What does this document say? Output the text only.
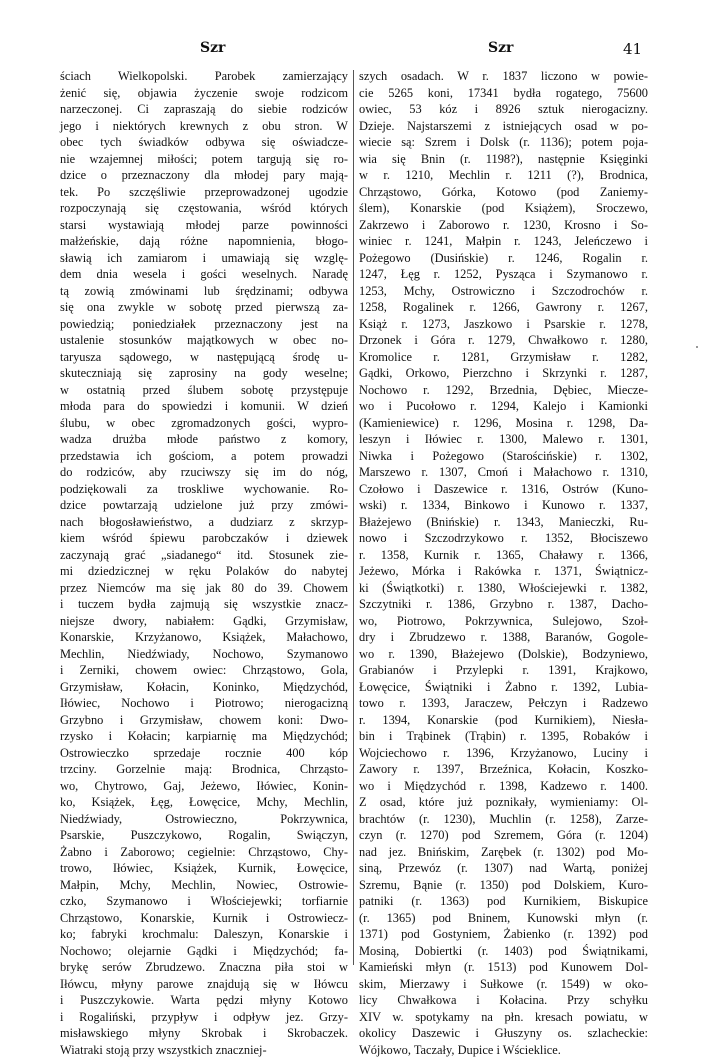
Szr	Szr	41
ściach Wielkopolski. Parobek zamierzający
żenić się, objawia życzenie swoje rodzicom
narzeczonej. Ci zapraszają do siebie rodziców
jego i niektórych krewnych z obu stron. W
obec tych świadków odbywa się oświadcze-
nie wzajemnej miłości; potem targują się ro-
dzice o przeznaczony dla młodej pary mają-
tek. Po szczęśliwie przeprowadzonej ugodzie
rozpoczynają się częstowania, wśród których
starsi wystawiają młodej parze powinności
małżeńskie, dają różne napomnienia, błogo-
sławią ich zamiarom i umawiają się wzglę-
dem dnia wesela i gości weselnych. Naradę
tą zowią zmówinami lub śrędzinami; odbywa
się ona zwykle w sobotę przed pierwszą za-
powiedzią; poniedziałek przeznaczony jest na
ustalenie stosunków majątkowych w obec no-
taryusza sądowego, w następującą środę u-
skuteczniają się zaprosiny na gody weselne;
w ostatnią przed ślubem sobotę przystępuje
młoda para do spowiedzi i komunii. W dzień
ślubu, w obec zgromadzonych gości, wypro-
wadza drużba młode państwo z komory,
przedstawia ich gościom, a potem prowadzi
do rodziców, aby rzuciwszy się im do nóg,
podziękowali za troskliwe wychowanie. Ro-
dzice powtarzają udzielone już przy zmówi-
nach błogosławieństwo, a dudziarz z skrzyp-
kiem wśród śpiewu parobczaków i dziewek
zaczynają grać „siadanego“ itd. Stosunek zie-
mi dziedzicznej w ręku Polaków do nabytej
przez Niemców ma się jak 80 do 39. Chowem
i tuczem bydła zajmują się wszystkie znacz-
niejsze dwory, nabiałem: Gądki, Grzymisław,
Konarskie, Krzyżanowo, Książek, Małachowo,
Mechlin, Niedźwiady, Nochowo, Szymanowo
i Zerniki, chowem owiec: Chrząstowo, Gola,
Grzymisław, Kołacin, Koninko, Międzychód,
Iłówiec, Nochowo i Piotrowo; nierogacizną
Grzybno i Grzymisław, chowem koni: Dwo-
rzysko i Kołacin; karpiarnię ma Międzychód;
Ostrowieczko sprzedaje rocznie 400 kóp
trzciny. Gorzelnie mają: Brodnica, Chrząsto-
wo, Chytrowo, Gaj, Jeżewo, Iłówiec, Konin-
ko, Książek, Łęg, Łowęcice, Mchy, Mechlin,
Niedźwiady, Ostrowieczno, Pokrzywnica,
Psarskie, Puszczykowo, Rogalin, Swiączyn,
Żabno i Zaborowo; cegielnie: Chrząstowo, Chy-
trowo, Iłówiec, Książek, Kurnik, Łowęcice,
Małpin, Mchy, Mechlin, Nowiec, Ostrowie-
czko, Szymanowo i Włościejewki; torfiarnie
Chrząstowo, Konarskie, Kurnik i Ostrowiecz-
ko; fabryki krochmalu: Daleszyn, Konarskie i
Nochowo; olejarnie Gądki i Międzychód; fa-
brykę serów Zbrudzewo. Znaczna piła stoi w
Iłówcu, młyny parowe znajdują się w Iłówcu
i Puszczykowie. Warta pędzi młyny Kotowo
i Rogaliński, przypływ i odpływ jez. Grzy-
misławskiego młyny Skrobak i Skrobaczek.
Wiatraki stoją przy wszystkich znaczniej-
szych osadach. W r. 1837 liczono w powie-
cie 5265 koni, 17341 bydła rogatego, 75600
owiec, 53 kóz i 8926 sztuk nierogacizny.
Dzieje. Najstarszemi z istniejących osad w po-
wiecie są: Szrem i Dolsk (r. 1136); potem poja-
wia się Bnin (r. 1198?), następnie Księginki
w r. 1210, Mechlin r. 1211 (?), Brodnica,
Chrząstowo, Górka, Kotowo (pod Zaniemy-
ślem), Konarskie (pod Książem), Sroczewo,
Zakrzewo i Zaborowo r. 1230, Krosno i So-
winiec r. 1241, Małpin r. 1243, Jeleńczewo i
Pożegowo (Dusińskie) r. 1246, Rogalin r.
1247, Łęg r. 1252, Pysząca i Szymanowo r.
1253, Mchy, Ostrowiczno i Szczodrochów r.
1258, Rogalinek r. 1266, Gawrony r. 1267,
Książ r. 1273, Jaszkowo i Psarskie r. 1278,
Drzonek i Góra r. 1279, Chwałkowo r. 1280,
Kromolice r. 1281, Grzymisław r. 1282,
Gądki, Orkowo, Pierzchno i Skrzynki r. 1287,
Nochowo r. 1292, Brzednia, Dębiec, Miecze-
wo i Pucołowo r. 1294, Kalejo i Kamionki
(Kamieniewice) r. 1296, Mosina r. 1298, Da-
leszyn i Iłówiec r. 1300, Malewo r. 1301,
Niwka i Pożegowo (Starościńskie) r. 1302,
Marszewo r. 1307, Cmoń i Małachowo r. 1310,
Czołowo i Daszewice r. 1316, Ostrów (Kuno-
wski) r. 1334, Binkowo i Kunowo r. 1337,
Błażejewo (Bnińskie) r. 1343, Manieczki, Ru-
nowo i Szczodrzykowo r. 1352, Błociszewo
r. 1358, Kurnik r. 1365, Chaławy r. 1366,
Jeżewo, Mórka i Rakówka r. 1371, Świątnicz-
ki (Świątkotki) r. 1380, Włościejewki r. 1382,
Szczytniki r. 1386, Grzybno r. 1387, Dacho-
wo, Piotrowo, Pokrzywnica, Sulejowo, Szoł-
dry i Zbrudzewo r. 1388, Baranów, Gogole-
wo r. 1390, Błażejewo (Dolskie), Bodzyniewo,
Grabianów i Przylepki r. 1391, Krajkowo,
Łowęcice, Świątniki i Żabno r. 1392, Lubia-
towo r. 1393, Jaraczew, Pełczyn i Radzewo
r. 1394, Konarskie (pod Kurnikiem), Niesła-
bin i Trąbinek (Trąbin) r. 1395, Robaków i
Wojciechowo r. 1396, Krzyżanowo, Luciny i
Zawory r. 1397, Brzeźnica, Kołacin, Koszko-
wo i Międzychód r. 1398, Kadzewo r. 1400.
Z osad, które już poznikały, wymieniamy: Ol-
brachtów (r. 1230), Muchlin (r. 1258), Zarze-
czyn (r. 1270) pod Szremem, Góra (r. 1204)
nad jez. Bnińskim, Zarębek (r. 1302) pod Mo-
siną, Przewóz (r. 1307) nad Wartą, poniżej
Szremu, Bąnie (r. 1350) pod Dolskiem, Kuro-
patniki (r. 1363) pod Kurnikiem, Biskupice
(r. 1365) pod Bninem, Kunowski młyn (r.
1371) pod Gostyniem, Żabienko (r. 1392) pod
Mosiną, Dobiertki (r. 1403) pod Świątnikami,
Kamieński młyn (r. 1513) pod Kunowem Dol-
skim, Mierzawy i Sułkowe (r. 1549) w oko-
licy Chwałkowa i Kołacina. Przy schyłku
XIV w. spotykamy na płn. kresach powiatu, w
okolicy Daszewic i Głuszyny os. szlacheckie:
Wójkowo, Taczały, Dupice i Wścieklice.
